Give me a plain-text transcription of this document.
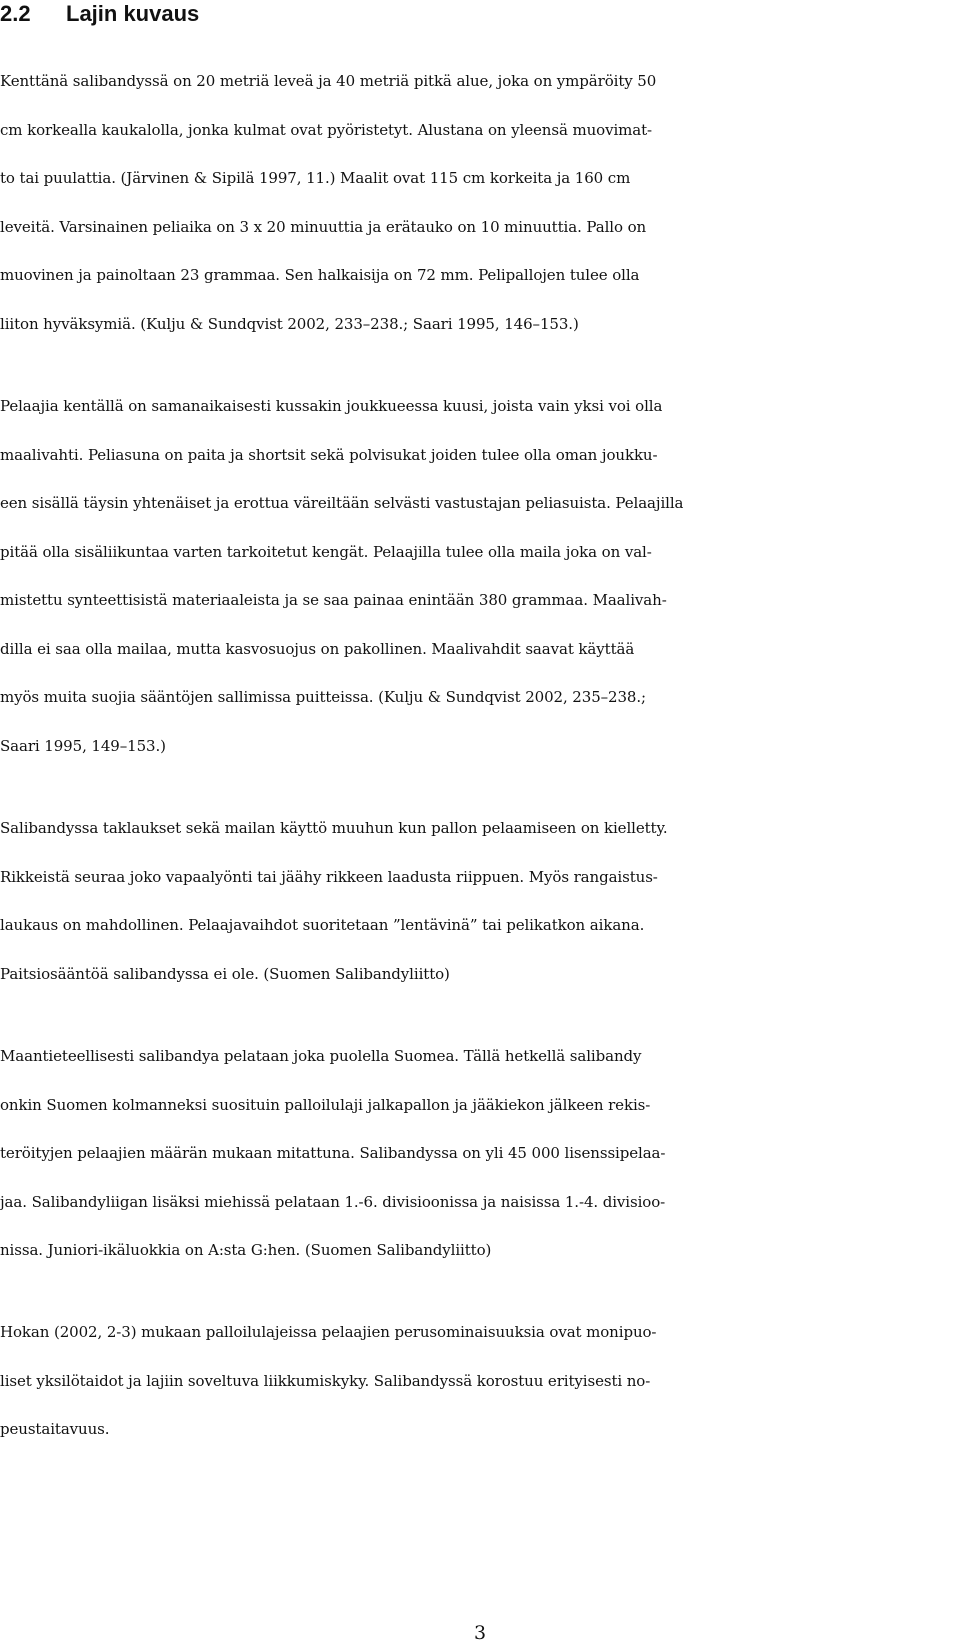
2.2 Lajin kuvaus
Kenttänä salibandyssä on 20 metriä leveä ja 40 metriä pitkä alue, joka on ympäröity 50
cm korkealla kaukalolla, jonka kulmat ovat pyöristetyt. Alustana on yleensä muovimat-
to tai puulattia. (Järvinen & Sipilä 1997, 11.) Maalit ovat 115 cm korkeita ja 160 cm
leveitä. Varsinainen peliaika on 3 x 20 minuuttia ja erätauko on 10 minuuttia. Pallo on
muovinen ja painoltaan 23 grammaa. Sen halkaisija on 72 mm. Pelipallojen tulee olla
liiton hyväksymiä. (Kulju & Sundqvist 2002, 233–238.; Saari 1995, 146–153.)
Pelaajia kentällä on samanaikaisesti kussakin joukkueessa kuusi, joista vain yksi voi olla
maalivahti. Peliasuna on paita ja shortsit sekä polvisukat joiden tulee olla oman joukku-
een sisällä täysin yhtenäiset ja erottua väreiltään selvästi vastustajan peliasuista. Pelaajilla
pitää olla sisäliikuntaa varten tarkoitetut kengät. Pelaajilla tulee olla maila joka on val-
mistettu synteettisistä materiaaleista ja se saa painaa enintään 380 grammaa. Maalivah-
dilla ei saa olla mailaa, mutta kasvosuojus on pakollinen. Maalivahdit saavat käyttää
myös muita suojia sääntöjen sallimissa puitteissa. (Kulju & Sundqvist 2002, 235–238.;
Saari 1995, 149–153.)
Salibandyssa taklaukset sekä mailan käyttö muuhun kun pallon pelaamiseen on kielletty.
Rikkeistä seuraa joko vapaalyönti tai jäähy rikkeen laadusta riippuen. Myös rangaistus-
laukaus on mahdollinen. Pelaajavaihdot suoritetaan ”lentävinä” tai pelikatkon aikana.
Paitsiosääntöä salibandyssa ei ole. (Suomen Salibandyliitto)
Maantieteellisesti salibandya pelataan joka puolella Suomea. Tällä hetkellä salibandy
onkin Suomen kolmanneksi suosituin palloilulaji jalkapallon ja jääkiekon jälkeen rekis-
teröityjen pelaajien määrän mukaan mitattuna. Salibandyssa on yli 45 000 lisenssipelaa-
jaa. Salibandyliigan lisäksi miehissä pelataan 1.-6. divisioonissa ja naisissa 1.-4. divisioo-
nissa. Juniori-ikäluokkia on A:sta G:hen. (Suomen Salibandyliitto)
Hokan (2002, 2-3) mukaan palloilulajeissa pelaajien perusominaisuuksia ovat monipuo-
liset yksilötaidot ja lajiin soveltuva liikkumiskyky. Salibandyssä korostuu erityisesti no-
peustaitavuus.
3
